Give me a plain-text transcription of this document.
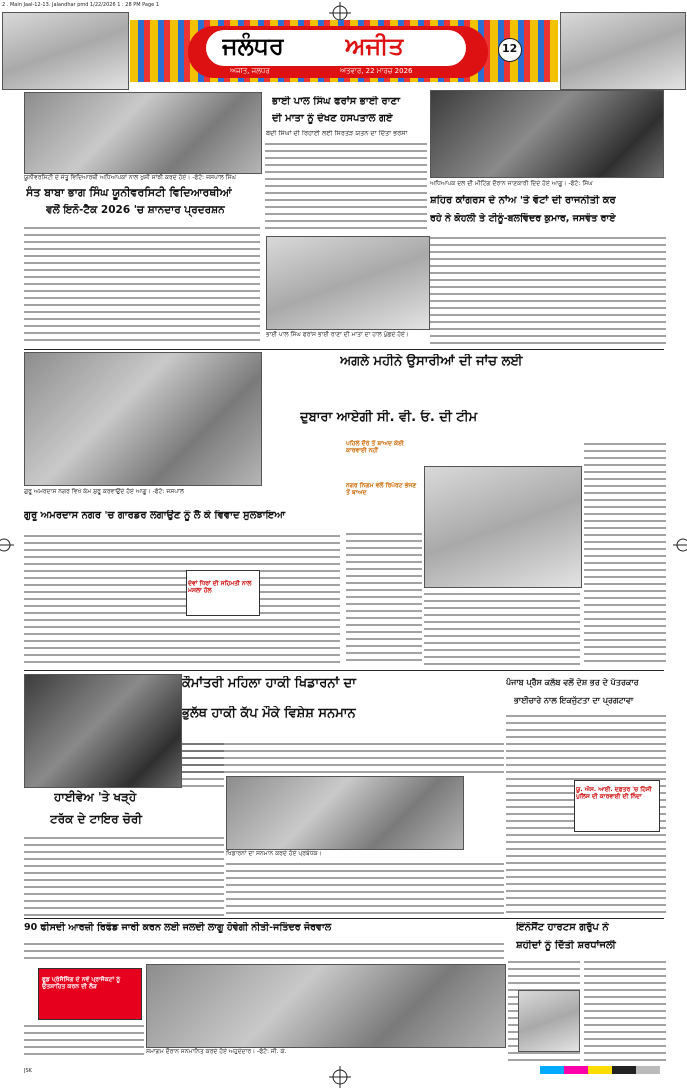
2 . Main Jaal-12-13. Jalandhar pmd 1/22/2026 1 : 28 PM Page 1
ਜਲੰਧਰ	ਅਜੀਤ
ਅਜੀਤ, ਜਲੰਧਰ	ਐਤਵਾਰ, 22 ਮਾਰਚ 2026
12
ਯੂਨੀਵਰਸਿਟੀ ਦੇ ਜੇਤੂ ਵਿਦਿਆਰਥੀ ਅਧਿਆਪਕਾਂ ਨਾਲ ਖੁਸ਼ੀ ਸਾਂਝੀ ਕਰਦੇ ਹੋਏ। -ਫੋਟੋ: ਜਸਪਾਲ ਸਿੰਘ
ਸੰਤ ਬਾਬਾ ਭਾਗ ਸਿੰਘ ਯੂਨੀਵਰਸਿਟੀ ਵਿਦਿਆਰਥੀਆਂ
ਵਲੋਂ ਇਨੋ-ਟੈਕ 2026 'ਚ ਸ਼ਾਨਦਾਰ ਪ੍ਰਦਰਸ਼ਨ
ਭਾਈ ਪਾਲ ਸਿੰਘ ਫਰਾਂਸ ਭਾਈ ਰਾਣਾ
ਦੀ ਮਾਤਾ ਨੂੰ ਦੇਖਣ ਹਸਪਤਾਲ ਗਏ
ਬੰਦੀ ਸਿੰਘਾਂ ਦੀ ਰਿਹਾਈ ਲਈ ਸਿਰਤੋੜ ਯਤਨ ਦਾ ਦਿੱਤਾ ਭਰੋਸਾ
ਭਾਈ ਪਾਲ ਸਿੰਘ ਫਰਾਂਸ ਭਾਈ ਰਾਣਾ ਦੀ ਮਾਤਾ ਦਾ ਹਾਲ ਪੁੱਛਦੇ ਹੋਏ।
ਅਧਿਆਪਕ ਦਲ ਦੀ ਮੀਟਿੰਗ ਦੌਰਾਨ ਜਾਣਕਾਰੀ ਦਿੰਦੇ ਹੋਏ ਆਗੂ। -ਫੋਟੋ: ਸਿੰਘ
ਸ਼ਹਿਰ ਕਾਂਗਰਸ ਦੇ ਨਾਂਅ 'ਤੇ ਵੋਟਾਂ ਦੀ ਰਾਜਨੀਤੀ ਕਰ
ਰਹੇ ਨੇ ਕੋਹਲੀ ਤੇ ਟੀਨੂੰ-ਬਲਵਿੰਦਰ ਕੁਮਾਰ, ਜਸਵੰਤ ਰਾਏ
ਗੁਰੂ ਅਮਰਦਾਸ ਨਗਰ ਵਿਖੇ ਕੰਮ ਸ਼ੁਰੂ ਕਰਵਾਉਂਦੇ ਹੋਏ ਆਗੂ। -ਫੋਟੋ: ਜਸਪਾਲ
ਗੁਰੂ ਅਮਰਦਾਸ ਨਗਰ 'ਚ ਗਾਰਡਰ ਲਗਾਉਣ ਨੂੰ ਲੈ ਕੇ ਵਿਵਾਦ ਸੁਲਝਾਇਆ
ਦੋਵਾਂ ਧਿਰਾਂ ਦੀ ਸਹਿਮਤੀ ਨਾਲ ਮਸਲਾ ਹੱਲ
ਅਗਲੇ ਮਹੀਨੇ ਉਸਾਰੀਆਂ ਦੀ ਜਾਂਚ ਲਈ
ਦੁਬਾਰਾ ਆਏਗੀ ਸੀ. ਵੀ. ਓ. ਦੀ ਟੀਮ
ਪਹਿਲੇ ਦੌਰੇ ਤੋਂ ਬਾਅਦ ਕੋਈ ਕਾਰਵਾਈ ਨਹੀਂ
ਨਗਰ ਨਿਗਮ ਵਲੋਂ ਰਿਪੋਰਟ ਭੇਜਣ ਤੋਂ ਬਾਅਦ
ਹਾਈਵੇਅ 'ਤੇ ਖੜ੍ਹੇ
ਟਰੱਕ ਦੇ ਟਾਇਰ ਚੋਰੀ
ਕੌਮਾਂਤਰੀ ਮਹਿਲਾ ਹਾਕੀ ਖਿਡਾਰਨਾਂ ਦਾ
ਭੁਲੱਥ ਹਾਕੀ ਕੱਪ ਮੌਕੇ ਵਿਸ਼ੇਸ਼ ਸਨਮਾਨ
ਖਿਡਾਰਨਾਂ ਦਾ ਸਨਮਾਨ ਕਰਦੇ ਹੋਏ ਪ੍ਰਬੰਧਕ।
ਪੰਜਾਬ ਪ੍ਰੈੱਸ ਕਲੱਬ ਵਲੋਂ ਦੇਸ਼ ਭਰ ਦੇ ਪੱਤਰਕਾਰ
ਭਾਈਚਾਰੇ ਨਾਲ ਇਕਜੁੱਟਤਾ ਦਾ ਪ੍ਰਗਟਾਵਾ
ਯੂ. ਐਸ. ਆਈ. ਦਫ਼ਤਰ 'ਚ ਹਿੰਸੀ ਪੁਲਿਸ ਦੀ ਕਾਰਵਾਈ ਦੀ ਨਿੰਦਾ
90 ਫੀਸਦੀ ਆਰਜ਼ੀ ਰਿਫੰਡ ਜਾਰੀ ਕਰਨ ਲਈ ਜਲਦੀ ਲਾਗੂ ਹੋਵੇਗੀ ਨੀਤੀ-ਜਤਿੰਦਰ ਜੋਰਵਾਲ
ਫੂਡ ਪ੍ਰੋਸੈਸਿੰਗ ਦੇ ਨਵੇਂ ਪ੍ਰਾਜੈਕਟਾਂ ਨੂੰ ਉਤਸ਼ਾਹਿਤ ਕਰਨ ਦੀ ਲੋੜ
ਸਮਾਗਮ ਦੌਰਾਨ ਸਨਮਾਨਿਤ ਕਰਦੇ ਹੋਏ ਅਹੁਦੇਦਾਰ। -ਫੋਟੋ: ਜੀ. ਕੇ.
ਇੰਨੋਸੈਂਟ ਹਾਰਟਸ ਗਰੁੱਪ ਨੇ
ਸ਼ਹੀਦਾਂ ਨੂੰ ਦਿੱਤੀ ਸ਼ਰਧਾਂਜਲੀ
JSK
